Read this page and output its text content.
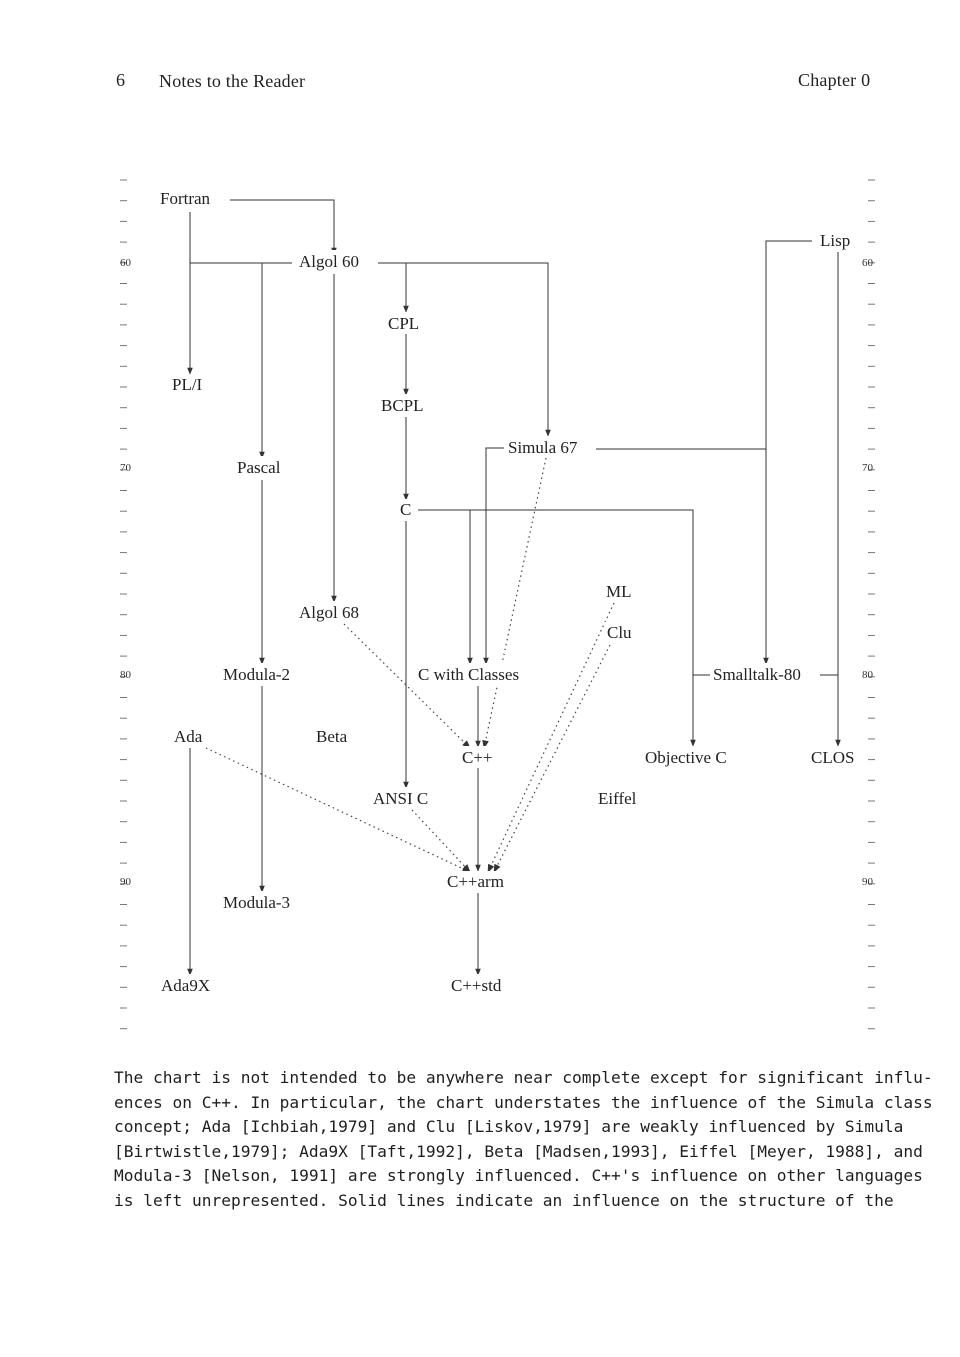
6 Notes to the Reader	Chapter 0
60	60
70	70
80	80
90	90
Fortran
Algol 60
Lisp
CPL
PL/I
BCPL
Simula 67
Pascal
C
ML
Algol 68
Clu
Modula-2	C with Classes	Smalltalk-80
Ada	Beta
C++	Objective C	CLOS
ANSI C	Eiffel
C++arm
Modula-3
Ada9X	C++std

The chart is not intended to be anywhere near complete except for significant influ-

ences on C++. In particular, the chart understates the influence of the Simula class

concept; Ada [Ichbiah,1979] and Clu [Liskov,1979] are weakly influenced by Simula

[Birtwistle,1979]; Ada9X [Taft,1992], Beta [Madsen,1993], Eiffel [Meyer, 1988], and

Modula-3 [Nelson, 1991] are strongly influenced. C++'s influence on other languages

is left unrepresented. Solid lines indicate an influence on the structure of the
